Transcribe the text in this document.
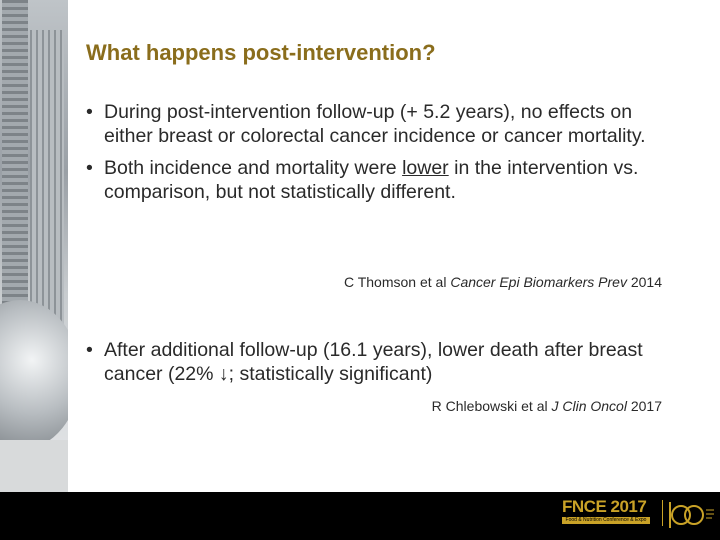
What happens post-intervention?
• During post-intervention follow-up (+ 5.2 years), no effects on either breast or colorectal cancer incidence or cancer mortality.
• Both incidence and mortality were lower in the intervention vs. comparison, but not statistically different.
C Thomson et al Cancer Epi Biomarkers Prev 2014
• After additional follow-up (16.1 years), lower death after breast cancer (22% ↓; statistically significant)
R Chlebowski et al J Clin Oncol 2017
FNCE 2017
Food & Nutrition Conference & Expo
